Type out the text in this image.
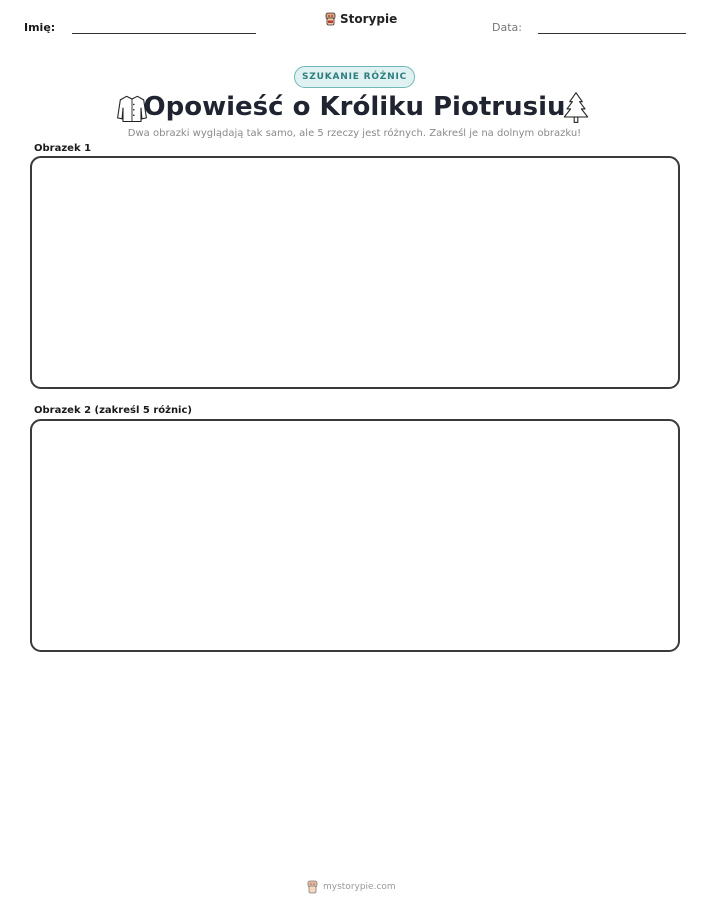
Imię:
Storypie
Data:
SZUKANIE RÓŻNIC
Opowieść o Króliku Piotrusiu
Dwa obrazki wyglądają tak samo, ale 5 rzeczy jest różnych. Zakreśl je na dolnym obrazku!
Obrazek 1
Obrazek 2 (zakreśl 5 różnic)
mystorypie.com
